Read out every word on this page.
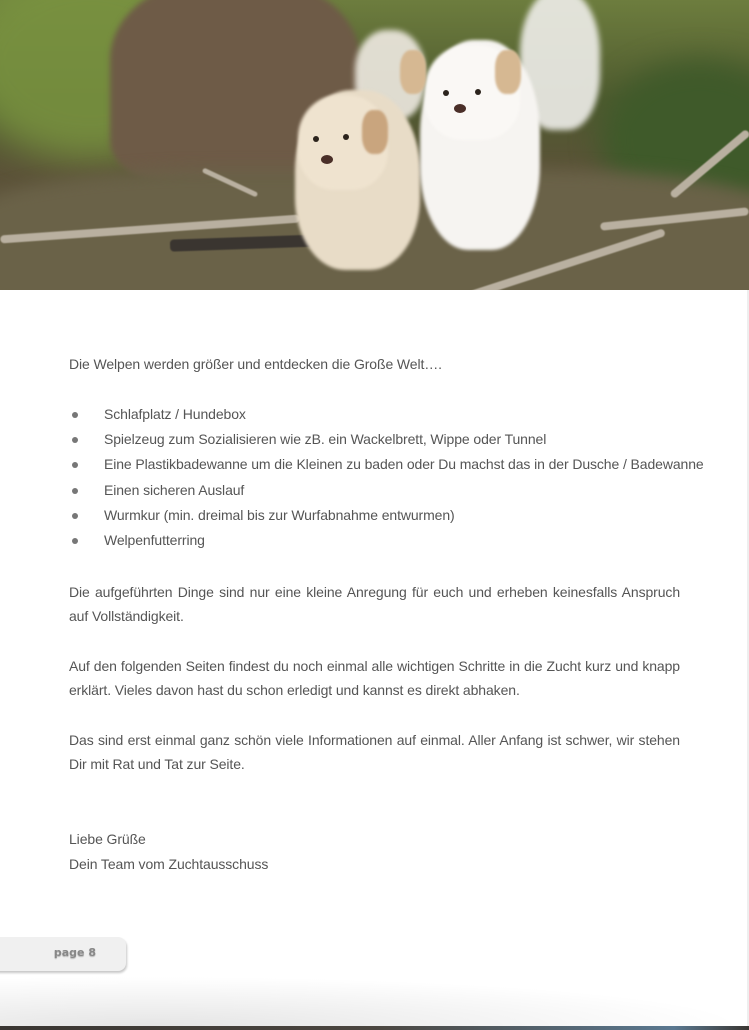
Die Welpen werden größer und entdecken die Große Welt….

Schlafplatz / Hundebox
Spielzeug zum Sozialisieren wie zB. ein Wackelbrett, Wippe oder Tunnel
Eine Plastikbadewanne um die Kleinen zu baden oder Du machst das in der Dusche / Badewanne
Einen sicheren Auslauf
Wurmkur (min. dreimal bis zur Wurfabnahme entwurmen)
Welpenfutterring

Die aufgeführten Dinge sind nur eine kleine Anregung für euch und erheben keinesfalls Anspruch auf Vollständigkeit.

Auf den folgenden Seiten findest du noch einmal alle wichtigen Schritte in die Zucht kurz und knapp erklärt. Vieles davon hast du schon erledigt und kannst es direkt abhaken.

Das sind erst einmal ganz schön viele Informationen auf einmal. Aller Anfang ist schwer, wir stehen Dir mit Rat und Tat zur Seite.

Liebe Grüße
Dein Team vom Zuchtausschuss
page 8
